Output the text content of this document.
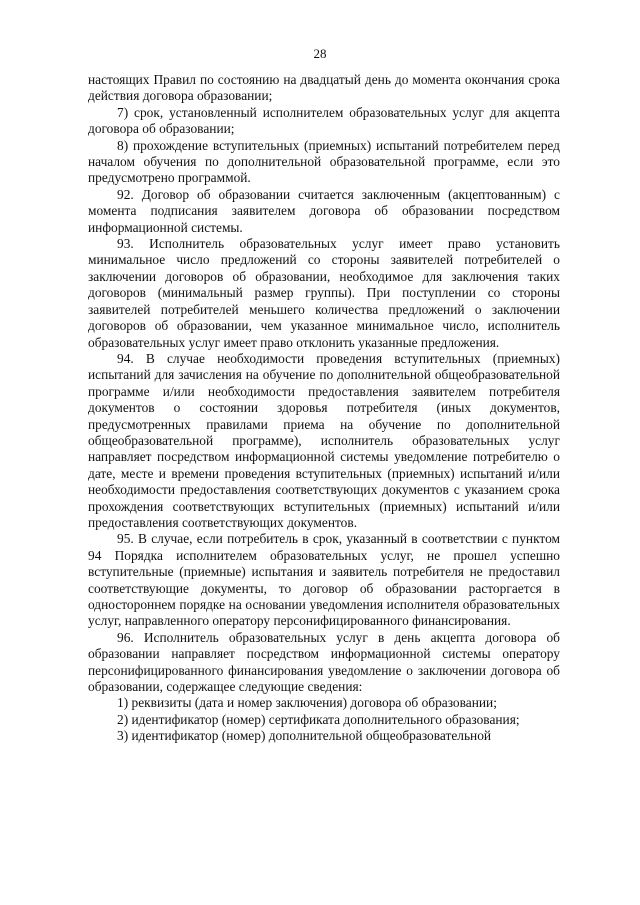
28

настоящих Правил по состоянию на двадцатый день до момента окончания срока действия договора образовании;

7) срок, установленный исполнителем образовательных услуг для акцепта договора об образовании;

8) прохождение вступительных (приемных) испытаний потребителем перед началом обучения по дополнительной образовательной программе, если это предусмотрено программой.

92. Договор об образовании считается заключенным (акцептованным) с момента подписания заявителем договора об образовании посредством информационной системы.

93. Исполнитель образовательных услуг имеет право установить минимальное число предложений со стороны заявителей потребителей о заключении договоров об образовании, необходимое для заключения таких договоров (минимальный размер группы). При поступлении со стороны заявителей потребителей меньшего количества предложений о заключении договоров об образовании, чем указанное минимальное число, исполнитель образовательных услуг имеет право отклонить указанные предложения.

94. В случае необходимости проведения вступительных (приемных) испытаний для зачисления на обучение по дополнительной общеобразовательной программе и/или необходимости предоставления заявителем потребителя документов о состоянии здоровья потребителя (иных документов, предусмотренных правилами приема на обучение по дополнительной общеобразовательной программе), исполнитель образовательных услуг направляет посредством информационной системы уведомление потребителю о дате, месте и времени проведения вступительных (приемных) испытаний и/или необходимости предоставления соответствующих документов с указанием срока прохождения соответствующих вступительных (приемных) испытаний и/или предоставления соответствующих документов.

95. В случае, если потребитель в срок, указанный в соответствии с пунктом 94 Порядка исполнителем образовательных услуг, не прошел успешно вступительные (приемные) испытания и заявитель потребителя не предоставил соответствующие документы, то договор об образовании расторгается в одностороннем порядке на основании уведомления исполнителя образовательных услуг, направленного оператору персонифицированного финансирования.

96. Исполнитель образовательных услуг в день акцепта договора об образовании направляет посредством информационной системы оператору персонифицированного финансирования уведомление о заключении договора об образовании, содержащее следующие сведения:

1) реквизиты (дата и номер заключения) договора об образовании;

2) идентификатор (номер) сертификата дополнительного образования;

3) идентификатор (номер) дополнительной общеобразовательной
